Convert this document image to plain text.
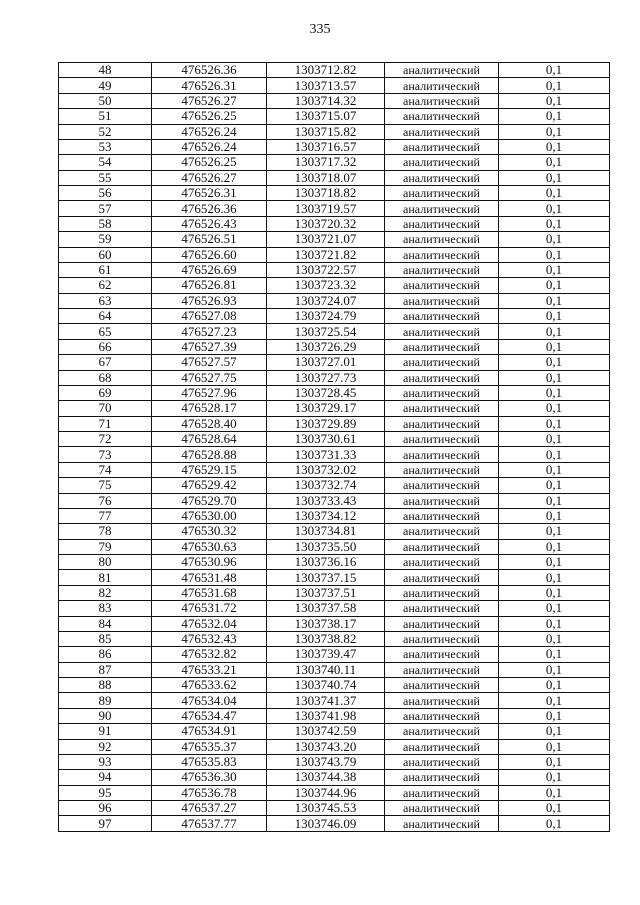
335
48	476526.36	1303712.82	аналитический	0,1
49	476526.31	1303713.57	аналитический	0,1
50	476526.27	1303714.32	аналитический	0,1
51	476526.25	1303715.07	аналитический	0,1
52	476526.24	1303715.82	аналитический	0,1
53	476526.24	1303716.57	аналитический	0,1
54	476526.25	1303717.32	аналитический	0,1
55	476526.27	1303718.07	аналитический	0,1
56	476526.31	1303718.82	аналитический	0,1
57	476526.36	1303719.57	аналитический	0,1
58	476526.43	1303720.32	аналитический	0,1
59	476526.51	1303721.07	аналитический	0,1
60	476526.60	1303721.82	аналитический	0,1
61	476526.69	1303722.57	аналитический	0,1
62	476526.81	1303723.32	аналитический	0,1
63	476526.93	1303724.07	аналитический	0,1
64	476527.08	1303724.79	аналитический	0,1
65	476527.23	1303725.54	аналитический	0,1
66	476527.39	1303726.29	аналитический	0,1
67	476527.57	1303727.01	аналитический	0,1
68	476527.75	1303727.73	аналитический	0,1
69	476527.96	1303728.45	аналитический	0,1
70	476528.17	1303729.17	аналитический	0,1
71	476528.40	1303729.89	аналитический	0,1
72	476528.64	1303730.61	аналитический	0,1
73	476528.88	1303731.33	аналитический	0,1
74	476529.15	1303732.02	аналитический	0,1
75	476529.42	1303732.74	аналитический	0,1
76	476529.70	1303733.43	аналитический	0,1
77	476530.00	1303734.12	аналитический	0,1
78	476530.32	1303734.81	аналитический	0,1
79	476530.63	1303735.50	аналитический	0,1
80	476530.96	1303736.16	аналитический	0,1
81	476531.48	1303737.15	аналитический	0,1
82	476531.68	1303737.51	аналитический	0,1
83	476531.72	1303737.58	аналитический	0,1
84	476532.04	1303738.17	аналитический	0,1
85	476532.43	1303738.82	аналитический	0,1
86	476532.82	1303739.47	аналитический	0,1
87	476533.21	1303740.11	аналитический	0,1
88	476533.62	1303740.74	аналитический	0,1
89	476534.04	1303741.37	аналитический	0,1
90	476534.47	1303741.98	аналитический	0,1
91	476534.91	1303742.59	аналитический	0,1
92	476535.37	1303743.20	аналитический	0,1
93	476535.83	1303743.79	аналитический	0,1
94	476536.30	1303744.38	аналитический	0,1
95	476536.78	1303744.96	аналитический	0,1
96	476537.27	1303745.53	аналитический	0,1
97	476537.77	1303746.09	аналитический	0,1
